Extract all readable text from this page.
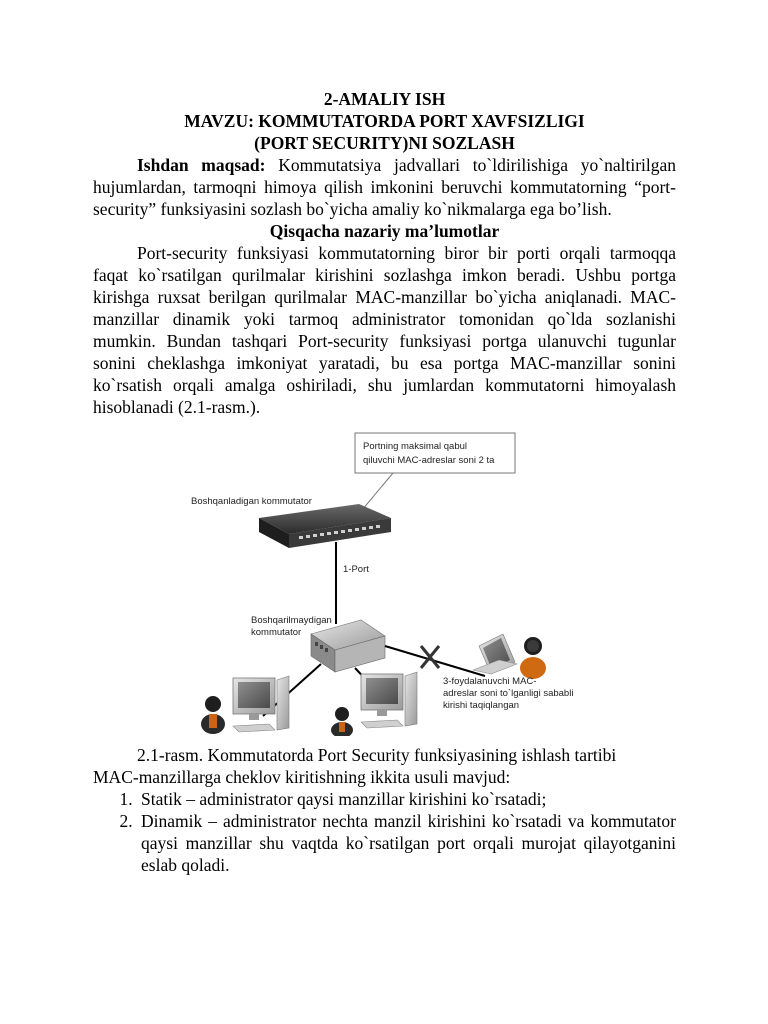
2-AMALIY ISH
MAVZU: KOMMUTATORDA PORT XAVFSIZLIGI
(PORT SECURITY)NI SOZLASH

Ishdan maqsad: Kommutatsiya jadvallari to`ldirilishiga yo`naltirilgan hujumlardan, tarmoqni himoya qilish imkonini beruvchi kommutatorning “port-security” funksiyasini sozlash bo`yicha amaliy ko`nikmalarga ega bo’lish.

Qisqacha nazariy ma’lumotlar

Port-security funksiyasi kommutatorning biror bir porti orqali tarmoqqa faqat ko`rsatilgan qurilmalar kirishini sozlashga imkon beradi. Ushbu portga kirishga ruxsat berilgan qurilmalar MAC-manzillar bo`yicha aniqlanadi. MAC-manzillar dinamik yoki tarmoq administrator tomonidan qo`lda sozlanishi mumkin. Bundan tashqari Port-security funksiyasi portga ulanuvchi tugunlar sonini cheklashga imkoniyat yaratadi, bu esa portga MAC-manzillar sonini ko`rsatish orqali amalga oshiriladi, shu jumlardan kommutatorni himoyalash hisoblanadi (2.1-rasm.).

Portning maksimal qabul
qiluvchi MAC-adreslar soni 2 ta
Boshqanladigan kommutator
1-Port
Boshqarilmaydigan
kommutator
3-foydalanuvchi MAC-
adreslar soni to`lganligi sababli
kirishi taqiqlangan
2.1-rasm. Kommutatorda Port Security funksiyasining ishlash tartibi
MAC-manzillarga cheklov kiritishning ikkita usuli mavjud:
1. Statik – administrator qaysi manzillar kirishini ko`rsatadi;
2. Dinamik – administrator nechta manzil kirishini ko`rsatadi va kommutator qaysi manzillar shu vaqtda ko`rsatilgan port orqali murojat qilayotganini eslab qoladi.
